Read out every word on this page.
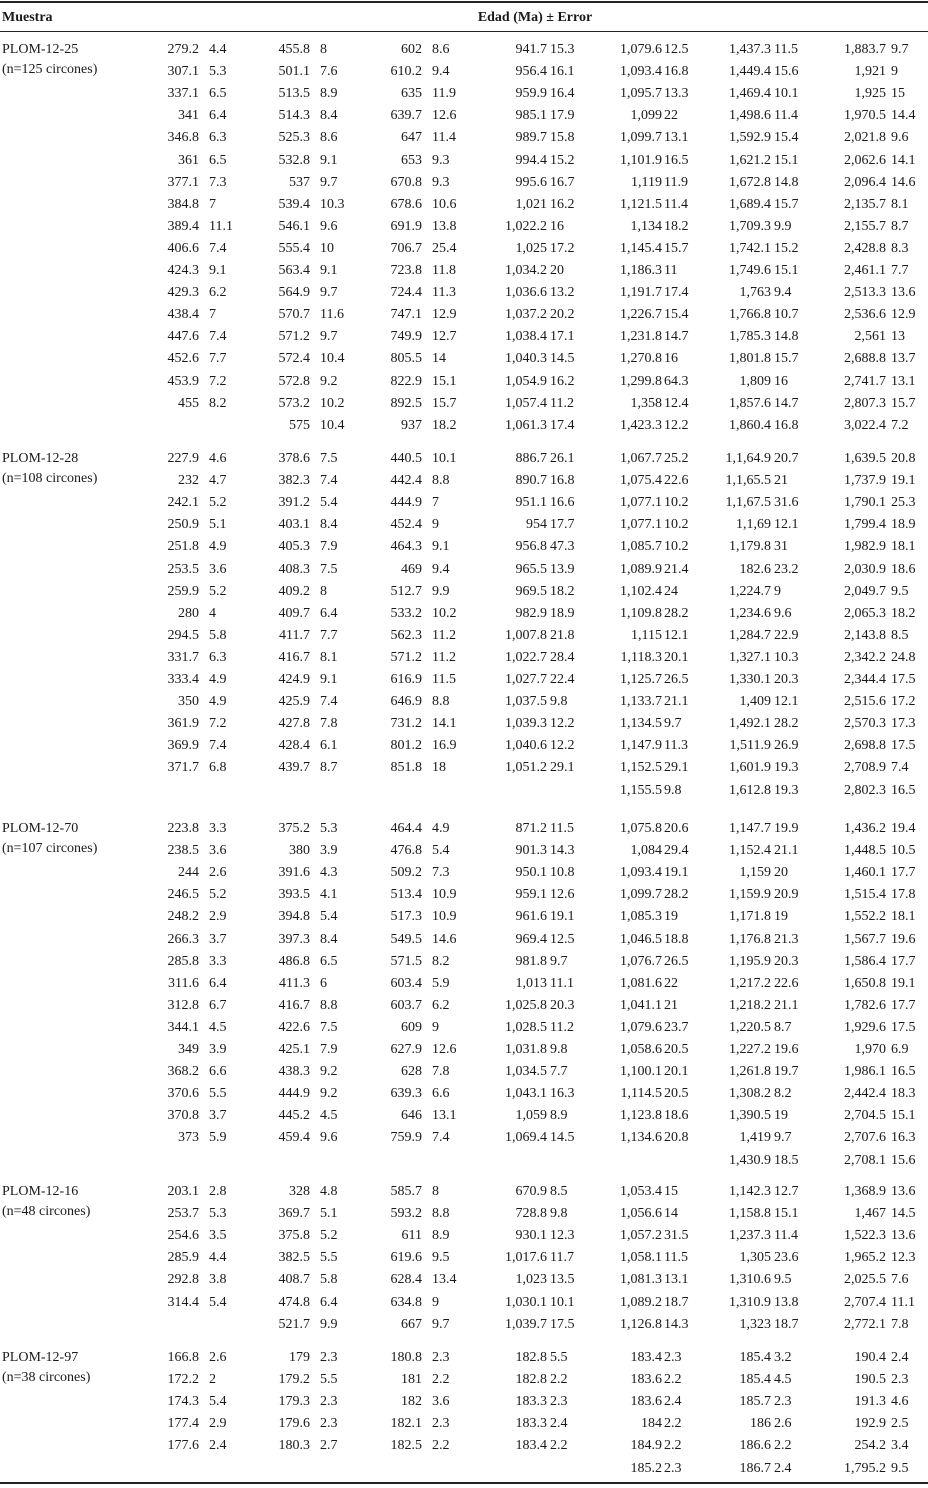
Muestra	Edad (Ma) ± Error
PLOM-12-25
(n=125 circones)
279.2 4.4
307.1 5.3
337.1 6.5
341 6.4
346.8 6.3
361 6.5
377.1 7.3
384.8 7
389.4 11.1
406.6 7.4
424.3 9.1
429.3 6.2
438.4 7
447.6 7.4
452.6 7.7
453.9 7.2
455 8.2
455.8 8
501.1 7.6
513.5 8.9
514.3 8.4
525.3 8.6
532.8 9.1
537 9.7
539.4 10.3
546.1 9.6
555.4 10
563.4 9.1
564.9 9.7
570.7 11.6
571.2 9.7
572.4 10.4
572.8 9.2
573.2 10.2
575 10.4
602 8.6
610.2 9.4
635 11.9
639.7 12.6
647 11.4
653 9.3
670.8 9.3
678.6 10.6
691.9 13.8
706.7 25.4
723.8 11.8
724.4 11.3
747.1 12.9
749.9 12.7
805.5 14
822.9 15.1
892.5 15.7
937 18.2
941.7 15.3
956.4 16.1
959.9 16.4
985.1 17.9
989.7 15.8
994.4 15.2
995.6 16.7
1,021 16.2
1,022.2 16
1,025 17.2
1,034.2 20
1,036.6 13.2
1,037.2 20.2
1,038.4 17.1
1,040.3 14.5
1,054.9 16.2
1,057.4 11.2
1,061.3 17.4
1,079.6 12.5
1,093.4 16.8
1,095.7 13.3
1,099 22
1,099.7 13.1
1,101.9 16.5
1,119 11.9
1,121.5 11.4
1,134 18.2
1,145.4 15.7
1,186.3 11
1,191.7 17.4
1,226.7 15.4
1,231.8 14.7
1,270.8 16
1,299.8 64.3
1,358 12.4
1,423.3 12.2
1,437.3 11.5
1,449.4 15.6
1,469.4 10.1
1,498.6 11.4
1,592.9 15.4
1,621.2 15.1
1,672.8 14.8
1,689.4 15.7
1,709.3 9.9
1,742.1 15.2
1,749.6 15.1
1,763 9.4
1,766.8 10.7
1,785.3 14.8
1,801.8 15.7
1,809 16
1,857.6 14.7
1,860.4 16.8
1,883.7 9.7
1,921 9
1,925 15
1,970.5 14.4
2,021.8 9.6
2,062.6 14.1
2,096.4 14.6
2,135.7 8.1
2,155.7 8.7
2,428.8 8.3
2,461.1 7.7
2,513.3 13.6
2,536.6 12.9
2,561 13
2,688.8 13.7
2,741.7 13.1
2,807.3 15.7
3,022.4 7.2
PLOM-12-28
(n=108 circones)
227.9 4.6
232 4.7
242.1 5.2
250.9 5.1
251.8 4.9
253.5 3.6
259.9 5.2
280 4
294.5 5.8
331.7 6.3
333.4 4.9
350 4.9
361.9 7.2
369.9 7.4
371.7 6.8
378.6 7.5
382.3 7.4
391.2 5.4
403.1 8.4
405.3 7.9
408.3 7.5
409.2 8
409.7 6.4
411.7 7.7
416.7 8.1
424.9 9.1
425.9 7.4
427.8 7.8
428.4 6.1
439.7 8.7
440.5 10.1
442.4 8.8
444.9 7
452.4 9
464.3 9.1
469 9.4
512.7 9.9
533.2 10.2
562.3 11.2
571.2 11.2
616.9 11.5
646.9 8.8
731.2 14.1
801.2 16.9
851.8 18
886.7 26.1
890.7 16.8
951.1 16.6
954 17.7
956.8 47.3
965.5 13.9
969.5 18.2
982.9 18.9
1,007.8 21.8
1,022.7 28.4
1,027.7 22.4
1,037.5 9.8
1,039.3 12.2
1,040.6 12.2
1,051.2 29.1
1,067.7 25.2
1,075.4 22.6
1,077.1 10.2
1,077.1 10.2
1,085.7 10.2
1,089.9 21.4
1,102.4 24
1,109.8 28.2
1,115 12.1
1,118.3 20.1
1,125.7 26.5
1,133.7 21.1
1,134.5 9.7
1,147.9 11.3
1,152.5 29.1
1,155.5 9.8
1,1,64.9 20.7
1,1,65.5 21
1,1,67.5 31.6
1,1,69 12.1
1,179.8 31
182.6 23.2
1,224.7 9
1,234.6 9.6
1,284.7 22.9
1,327.1 10.3
1,330.1 20.3
1,409 12.1
1,492.1 28.2
1,511.9 26.9
1,601.9 19.3
1,612.8 19.3
1,639.5 20.8
1,737.9 19.1
1,790.1 25.3
1,799.4 18.9
1,982.9 18.1
2,030.9 18.6
2,049.7 9.5
2,065.3 18.2
2,143.8 8.5
2,342.2 24.8
2,344.4 17.5
2,515.6 17.2
2,570.3 17.3
2,698.8 17.5
2,708.9 7.4
2,802.3 16.5
PLOM-12-70
(n=107 circones)
223.8 3.3
238.5 3.6
244 2.6
246.5 5.2
248.2 2.9
266.3 3.7
285.8 3.3
311.6 6.4
312.8 6.7
344.1 4.5
349 3.9
368.2 6.6
370.6 5.5
370.8 3.7
373 5.9
375.2 5.3
380 3.9
391.6 4.3
393.5 4.1
394.8 5.4
397.3 8.4
486.8 6.5
411.3 6
416.7 8.8
422.6 7.5
425.1 7.9
438.3 9.2
444.9 9.2
445.2 4.5
459.4 9.6
464.4 4.9
476.8 5.4
509.2 7.3
513.4 10.9
517.3 10.9
549.5 14.6
571.5 8.2
603.4 5.9
603.7 6.2
609 9
627.9 12.6
628 7.8
639.3 6.6
646 13.1
759.9 7.4
871.2 11.5
901.3 14.3
950.1 10.8
959.1 12.6
961.6 19.1
969.4 12.5
981.8 9.7
1,013 11.1
1,025.8 20.3
1,028.5 11.2
1,031.8 9.8
1,034.5 7.7
1,043.1 16.3
1,059 8.9
1,069.4 14.5
1,075.8 20.6
1,084 29.4
1,093.4 19.1
1,099.7 28.2
1,085.3 19
1,046.5 18.8
1,076.7 26.5
1,081.6 22
1,041.1 21
1,079.6 23.7
1,058.6 20.5
1,100.1 20.1
1,114.5 20.5
1,123.8 18.6
1,134.6 20.8
1,147.7 19.9
1,152.4 21.1
1,159 20
1,159.9 20.9
1,171.8 19
1,176.8 21.3
1,195.9 20.3
1,217.2 22.6
1,218.2 21.1
1,220.5 8.7
1,227.2 19.6
1,261.8 19.7
1,308.2 8.2
1,390.5 19
1,419 9.7
1,430.9 18.5
1,436.2 19.4
1,448.5 10.5
1,460.1 17.7
1,515.4 17.8
1,552.2 18.1
1,567.7 19.6
1,586.4 17.7
1,650.8 19.1
1,782.6 17.7
1,929.6 17.5
1,970 6.9
1,986.1 16.5
2,442.4 18.3
2,704.5 15.1
2,707.6 16.3
2,708.1 15.6
PLOM-12-16
(n=48 circones)
203.1 2.8
253.7 5.3
254.6 3.5
285.9 4.4
292.8 3.8
314.4 5.4
328 4.8
369.7 5.1
375.8 5.2
382.5 5.5
408.7 5.8
474.8 6.4
521.7 9.9
585.7 8
593.2 8.8
611 8.9
619.6 9.5
628.4 13.4
634.8 9
667 9.7
670.9 8.5
728.8 9.8
930.1 12.3
1,017.6 11.7
1,023 13.5
1,030.1 10.1
1,039.7 17.5
1,053.4 15
1,056.6 14
1,057.2 31.5
1,058.1 11.5
1,081.3 13.1
1,089.2 18.7
1,126.8 14.3
1,142.3 12.7
1,158.8 15.1
1,237.3 11.4
1,305 23.6
1,310.6 9.5
1,310.9 13.8
1,323 18.7
1,368.9 13.6
1,467 14.5
1,522.3 13.6
1,965.2 12.3
2,025.5 7.6
2,707.4 11.1
2,772.1 7.8
PLOM-12-97
(n=38 circones)
166.8 2.6
172.2 2
174.3 5.4
177.4 2.9
177.6 2.4
179 2.3
179.2 5.5
179.3 2.3
179.6 2.3
180.3 2.7
180.8 2.3
181 2.2
182 3.6
182.1 2.3
182.5 2.2
182.8 5.5
182.8 2.2
183.3 2.3
183.3 2.4
183.4 2.2
183.4 2.3
183.6 2.2
183.6 2.4
184 2.2
184.9 2.2
185.2 2.3
185.4 3.2
185.4 4.5
185.7 2.3
186 2.6
186.6 2.2
186.7 2.4
190.4 2.4
190.5 2.3
191.3 4.6
192.9 2.5
254.2 3.4
1,795.2 9.5
